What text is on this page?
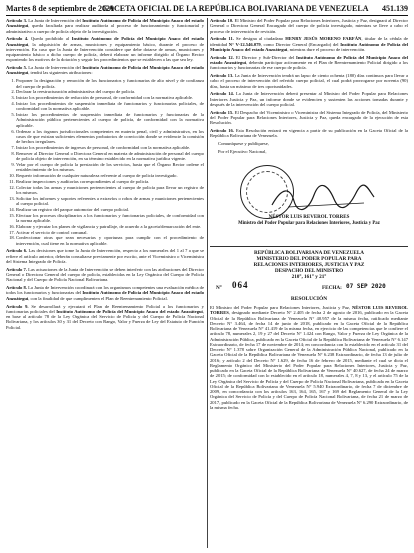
Martes 8 de septiembre de 2020
GACETA OFICIAL DE LA REPÚBLICA BOLIVARIANA DE VENEZUELA 451.139

Artículo 3. La Junta de Intervención del Instituto Autónomo de Policía del Municipio Anaco del estado Anzoátegui, queda facultada para realizar auditoría al proceso de funcionamiento y funcionarial y administrativo a cuerpo de policía objeto de la investigación.

Artículo 4. Queda prohibido al Instituto Autónomo de Policía del Municipio Anaco del estado Anzoátegui, la adquisición de armas, municiones y equipamiento básico, durante el proceso de intervención. En caso que la Junta de Intervención considere que debe dotarse de armas, municiones y equipamiento básico a dicho cuerpo de policía, deberá elaborar un informe dirigido al Órgano Rector exponiendo los motivos de la dotación y seguir los procedimientos que se establecen a las que sea ley.

Artículo 5. La Junta de Intervención del Instituto Autónomo de Policía del Municipio Anaco del estado Anzoátegui, tendrá las siguientes atribuciones:

1. Proponer la designación y remoción de los funcionarios y funcionarias de alto nivel y de confianza del cuerpo de policía.
2. Declarar la reestructuración administrativa del cuerpo de policía.
3. Iniciar los procedimientos de reducción de personal, de conformidad con la normativa aplicable.
4. Iniciar los procedimientos de suspensión inmediata de funcionarios y funcionarias policiales, de conformidad con la normativa aplicable.
5. Iniciar los procedimientos de suspensión inmediata de funcionarios y funcionarias de la Administración pública pertenecientes al cuerpo de policía, de conformidad con la normativa aplicable.
6. Ordenar a los órganos jurisdiccionales competentes en materia penal, civil y administrativa, en los casos de que existan suficientes elementos probatorios de convicción donde se evidencie la comisión de hechos irregulares.
7. Iniciar los procedimientos de ingresos de personal, de conformidad con la normativa aplicable.
8. Remover al Director General o Directora General en materia de administración de personal del cuerpo de policía objeto de intervención, en su término establecido en la normativa jurídica vigente.
9. Velar por el cuerpo de policía la prestación de los servicios, hasta que el Órgano Rector ordene el restablecimiento de los mismos.
10. Requerir información de cualquier naturaleza referente al cuerpo de policía investigado.
11. Realizar inspecciones y auditorías correspondientes al cuerpo de policía.
12. Colectar todas las armas y municiones pertenecientes al cuerpo de policía para llevar un registro de los mismos.
13. Solicitar los informes y soportes referentes a extravíos o robos de armas y municiones pertenecientes al cuerpo policial.
14. Realizar un registro del parque automotor del cuerpo policial.
15. Efectuar los procesos disciplinarios a los funcionarios y funcionarias policiales, de conformidad con la norma aplicable.
16. Elaborar y ejecutar los planes de vigilancia y patrullaje, de acuerdo a la gaceta/demarcación del ente.
17. Activar el servicio de control comunal.
18. Confeccionar otras que sean necesarias y oportunas para cumplir con el procedimiento de intervención, cual tiene en la normativa aplicable.

Artículo 6. Las decisiones que tome la Junta de Intervención, respecto a los numerales del 1 al 7 a que se refiere el artículo anterior, deberán consultarse previamente por escrito, ante el Viceministro o Viceministra del Sistema Integrado de Policía.

Artículo 7. Las actuaciones de la Junta de Intervención se deben interferir con las atribuciones del Director General o Directora General del cuerpo de policía, establecidas en la Ley Orgánica del Cuerpo de Policía Nacional y del Cuerpo de Policía Nacional Bolivariana.

Artículo 8. La Junta de Intervención coordinará con los organismos competentes una evaluación médica de todos los funcionarios y funcionarias del Instituto Autónomo de Policía del Municipio Anaco del estado Anzoátegui, con la finalidad de que cumplimenten el Plan de Reentrenamiento Policial.

Artículo 9. Se desarrollará y ejecutará el Plan de Reentrenamiento Policial a los funcionarios y funcionarias policiales del Instituto Autónomo de Policía del Municipio Anaco del estado Anzoátegui, en base al artículo 78 de la Ley Orgánica del Servicio de Policía y del Cuerpo de Policía Nacional Bolivariana, y los artículos 30 y 31 del Decreto con Rango, Valor y Fuerza de Ley del Estatuto de Función Policial.

Artículo 10. El Ministro del Poder Popular para Relaciones Interiores, Justicia y Paz, designará al Director General o Directora General Encargado del cuerpo de policía investigado, mientras se lleve a cabo el proceso de intervención de revisión.

Artículo 11. Se designa al ciudadano HENRY JESÚS MORENO FARFÁN, titular de la cédula de identidad N° V-12.546.079, como Director General (Encargado) del Instituto Autónomo de Policía del Municipio Anaco del estado Anzoátegui, mientras dure el proceso de intervención.

Artículo 12. El Director y Sub-Director del Instituto Autónomo de Policía del Municipio Anaco del estado Anzoátegui, deberán participar activamente en el Plan de Reentrenamiento Policial dirigido a los funcionarios y funcionarias de ese cuerpo de policía.

Artículo 13. La Junta de Intervención tendrá un lapso de ciento ochenta (180) días continuos para llevar a cabo el proceso de intervención del referido cuerpo policial, el cual podrá prorrogarse por noventa (90) días, hasta un máximo de tres oportunidades.

Artículo 14. La Junta de Intervención deberá presentar al Ministro del Poder Popular para Relaciones Interiores Justicia y Paz, un informe donde se evidencien y sustenten las acciones tomadas durante y después de la intervención del cuerpo policial.

Artículo 15. El Despacho del Viceministro o Viceministra del Sistema Integrado de Policía, del Ministerio del Poder Popular para Relaciones Interiores, Justicia y Paz, queda encargado de la ejecución de esta Resolución.

Artículo 16. Esta Resolución entrará en vigencia a partir de su publicación en la Gaceta Oficial de la República Bolivariana de Venezuela.

Comuníquese y publíquese,

Por el Ejecutivo Nacional,

NÉSTOR LUIS REVEROL TORRES
Ministro del Poder Popular para Relaciones Interiores, Justicia y Paz
REPÚBLICA BOLIVARIANA DE VENEZUELA
MINISTERIO DEL PODER POPULAR PARA
RELACIONES INTERIORES, JUSTICIA Y PAZ
DESPACHO DEL MINISTRO
210°, 161° y 21°
N° 064	FECHA: 07 SEP 2020
RESOLUCIÓN

El Ministro del Poder Popular para Relaciones Interiores, Justicia y Paz, NÉSTOR LUIS REVEROL TORRES, designado mediante Decreto N° 2.405 de fecha 2 de agosto de 2016, publicado en la Gaceta Oficial de la República Bolivariana de Venezuela N° 40.957 de la misma fecha, ratificado mediante Decreto N° 3.464, de fecha 14 de junio de 2018, publicado en la Gaceta Oficial de la República Bolivariana de Venezuela N° 41.419 de la misma fecha, en ejercicio de las competencias que le confiere el artículo 78, numerales 2, 19 y 27 del Decreto N° 1.424 con Rango, Valor y Fuerza de Ley Orgánica de la Administración Pública, publicado en la Gaceta Oficial de la República Bolivariana de Venezuela N° 6.147 Extraordinario, de fecha 17 de noviembre de 2014; en concordancia con lo establecido en el artículo 31 del Decreto N° 1.378 sobre Organización General de la Administración Pública Nacional, publicado en la Gaceta Oficial de la República Bolivariana de Venezuela N° 6.238 Extraordinario, de fecha 13 de julio de 2016; y artículo 2 del Decreto N° 1.629, de fecha 16 de febrero de 2015, mediante el cual se dicta el Reglamento Orgánico del Ministerio del Poder Popular para Relaciones Interiores, Justicia y Paz, publicado en la Gaceta Oficial de la República Bolivariana de Venezuela N° 40.627, de fecha 24 de marzo de 2015; de conformidad con lo establecido en el artículo 18, numerales 4, 7, 8 y 13, y el artículo 75 de la Ley Orgánica del Servicio de Policía y del Cuerpo de Policía Nacional Bolivariana, publicada en la Gaceta Oficial de la República Bolivariana de Venezuela N° 5.940 Extraordinario, de fecha 7 de diciembre de 2009, en concordancia con los artículos 163, 164, 165, 167 y 169 del Reglamento General de la Ley Orgánica del Servicio de Policía y del Cuerpo de Policía Nacional Bolivariana, de fecha 21 de marzo de 2017, publicado en la Gaceta Oficial de la República Bolivariana de Venezuela N° 6.290 Extraordinario, de la misma fecha.
